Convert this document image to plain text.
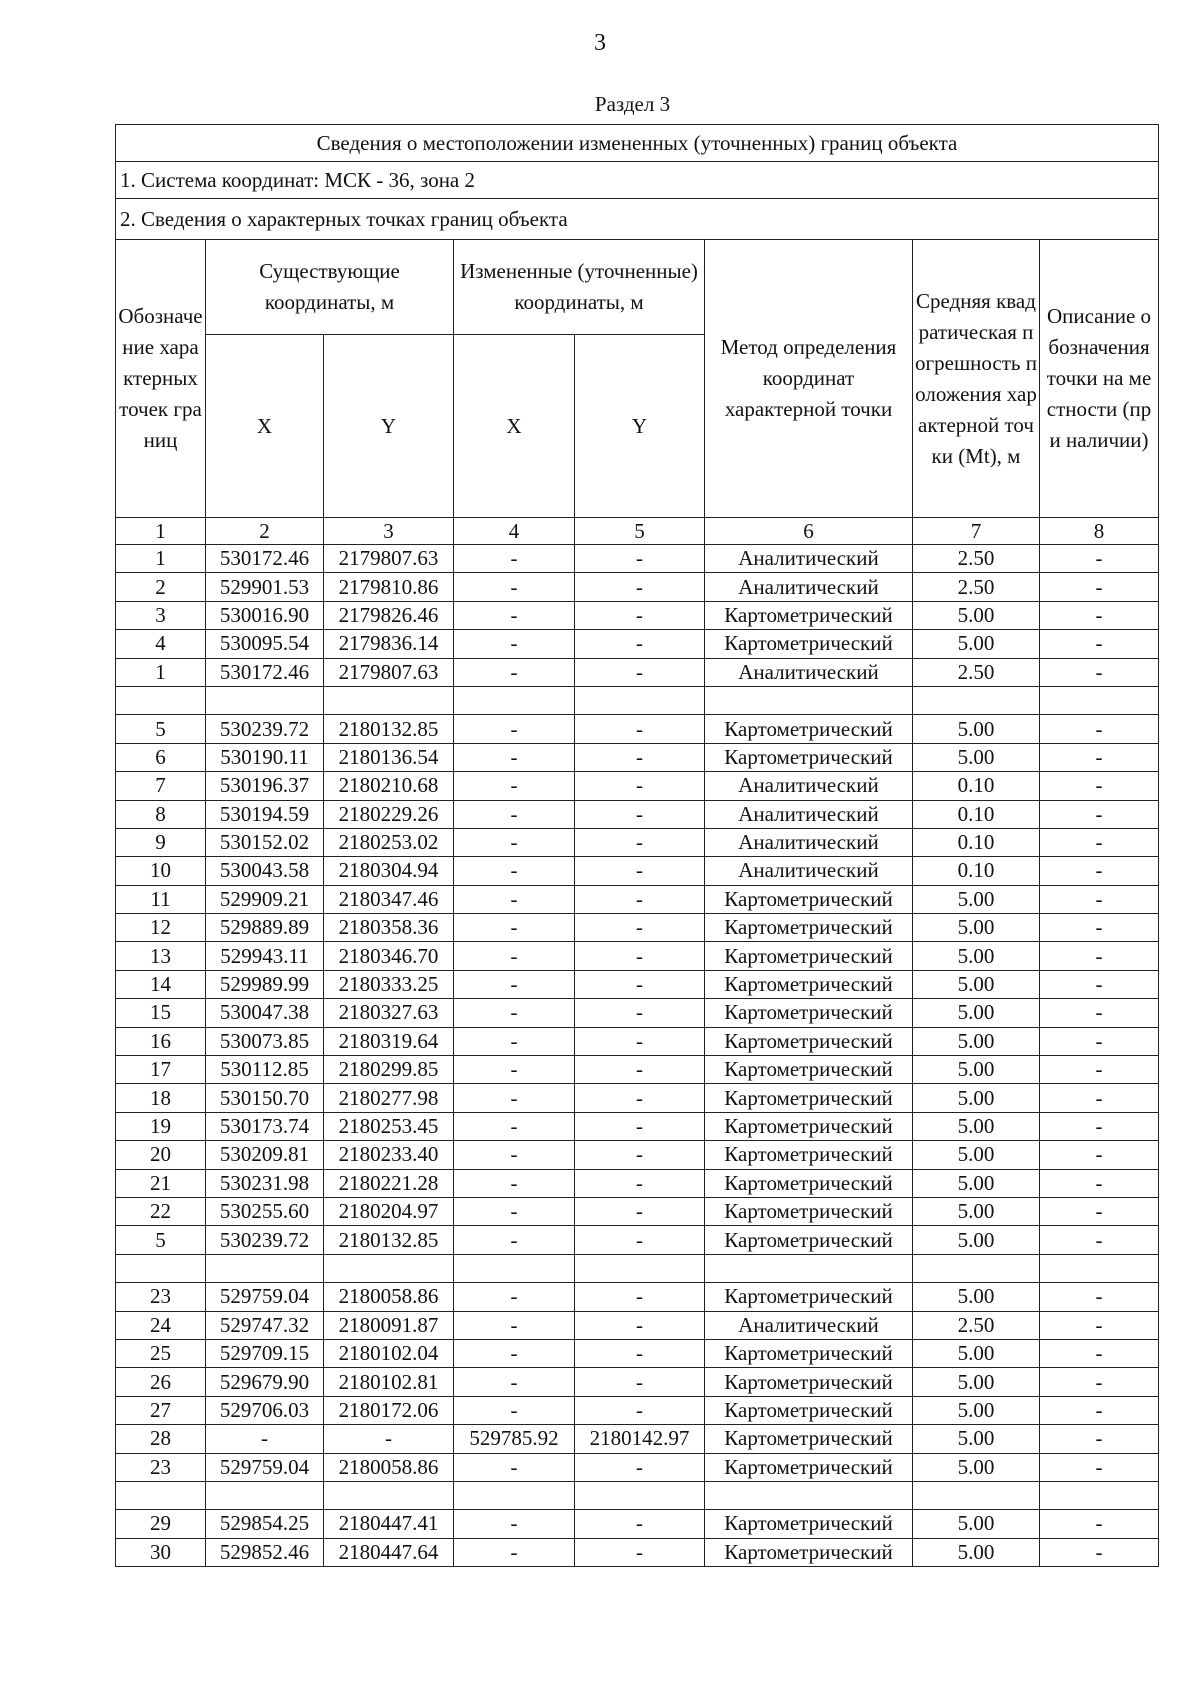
3
Раздел 3
Сведения о местоположении измененных (уточненных) границ объекта							
1. Система координат: МСК - 36, зона 2							
2. Сведения о характерных точках границ объекта							
Обозначение характерных точек границ	Существующие координаты, м		Измененные (уточненные) координаты, м		Метод определения координат характерной точки	Средняя квадратическая погрешность положения характерной точки (Mt), м	Описание обозначения точки на местности (при наличии)
	X	Y	X	Y			
1	2	3	4	5	6	7	8
1	530172.46	2179807.63	-	-	Аналитический	2.50	-
2	529901.53	2179810.86	-	-	Аналитический	2.50	-
3	530016.90	2179826.46	-	-	Картометрический	5.00	-
4	530095.54	2179836.14	-	-	Картометрический	5.00	-
1	530172.46	2179807.63	-	-	Аналитический	2.50	-

5	530239.72	2180132.85	-	-	Картометрический	5.00	-
6	530190.11	2180136.54	-	-	Картометрический	5.00	-
7	530196.37	2180210.68	-	-	Аналитический	0.10	-
8	530194.59	2180229.26	-	-	Аналитический	0.10	-
9	530152.02	2180253.02	-	-	Аналитический	0.10	-
10	530043.58	2180304.94	-	-	Аналитический	0.10	-
11	529909.21	2180347.46	-	-	Картометрический	5.00	-
12	529889.89	2180358.36	-	-	Картометрический	5.00	-
13	529943.11	2180346.70	-	-	Картометрический	5.00	-
14	529989.99	2180333.25	-	-	Картометрический	5.00	-
15	530047.38	2180327.63	-	-	Картометрический	5.00	-
16	530073.85	2180319.64	-	-	Картометрический	5.00	-
17	530112.85	2180299.85	-	-	Картометрический	5.00	-
18	530150.70	2180277.98	-	-	Картометрический	5.00	-
19	530173.74	2180253.45	-	-	Картометрический	5.00	-
20	530209.81	2180233.40	-	-	Картометрический	5.00	-
21	530231.98	2180221.28	-	-	Картометрический	5.00	-
22	530255.60	2180204.97	-	-	Картометрический	5.00	-
5	530239.72	2180132.85	-	-	Картометрический	5.00	-

23	529759.04	2180058.86	-	-	Картометрический	5.00	-
24	529747.32	2180091.87	-	-	Аналитический	2.50	-
25	529709.15	2180102.04	-	-	Картометрический	5.00	-
26	529679.90	2180102.81	-	-	Картометрический	5.00	-
27	529706.03	2180172.06	-	-	Картометрический	5.00	-
28	-	-	529785.92	2180142.97	Картометрический	5.00	-
23	529759.04	2180058.86	-	-	Картометрический	5.00	-

29	529854.25	2180447.41	-	-	Картометрический	5.00	-
30	529852.46	2180447.64	-	-	Картометрический	5.00	-
